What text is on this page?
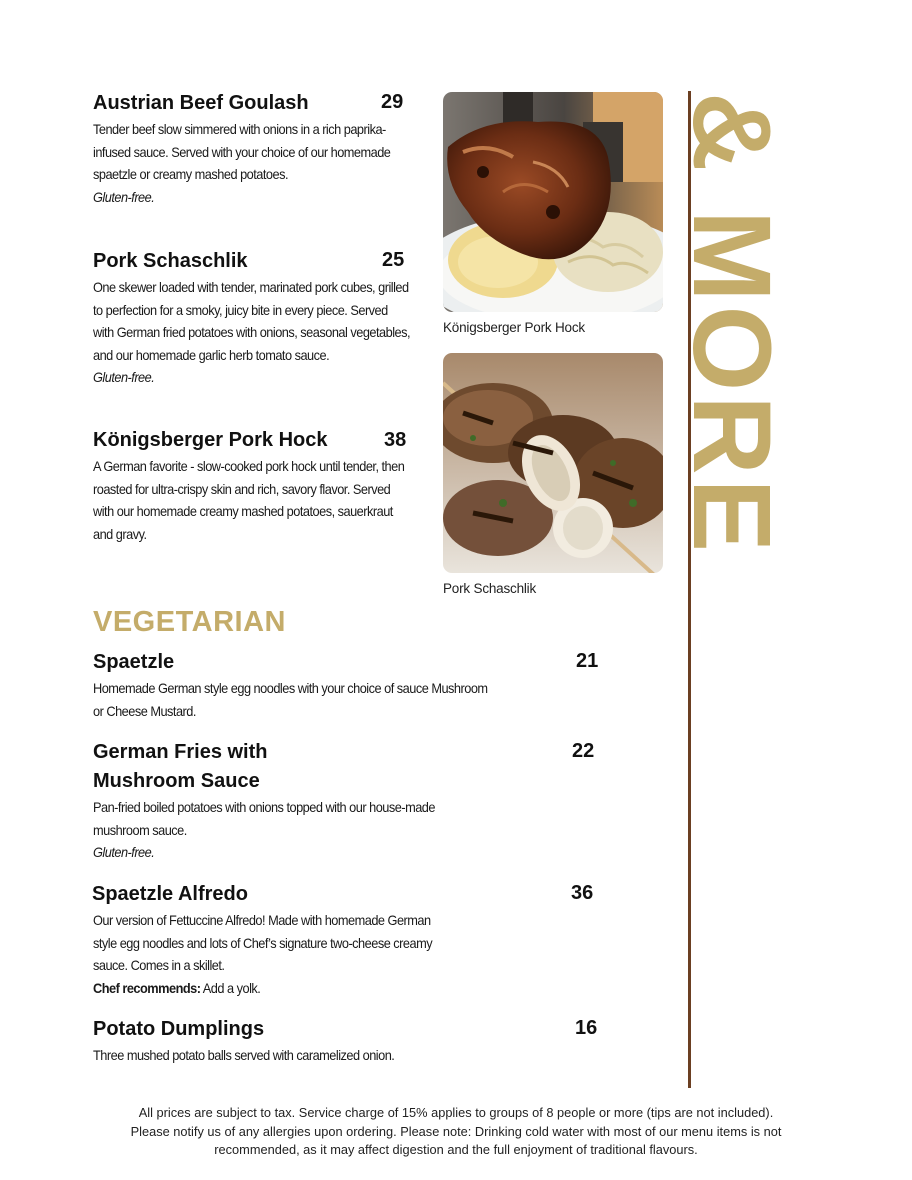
Austrian Beef Goulash	29
Tender beef slow simmered with onions in a rich paprika-infused sauce. Served with your choice of our homemade spaetzle or creamy mashed potatoes.
Gluten-free.
Pork Schaschlik	25
One skewer loaded with tender, marinated pork cubes, grilled to perfection for a smoky, juicy bite in every piece. Served with German fried potatoes with onions, seasonal vegetables, and our homemade garlic herb tomato sauce.
Gluten-free.
Königsberger Pork Hock	38
A German favorite - slow-cooked pork hock until tender, then roasted for ultra-crispy skin and rich, savory flavor. Served with our homemade creamy mashed potatoes, sauerkraut and gravy.
Königsberger Pork Hock
Pork Schaschlik
VEGETARIAN
Spaetzle	21
Homemade German style egg noodles with your choice of sauce Mushroom or Cheese Mustard.
German Fries with
Mushroom Sauce
22
Pan-fried boiled potatoes with onions topped with our house-made mushroom sauce.
Gluten-free.
Spaetzle Alfredo	36
Our version of Fettuccine Alfredo! Made with homemade German style egg noodles and lots of Chef’s signature two-cheese creamy sauce. Comes in a skillet.
Chef recommends: Add a yolk.
Potato Dumplings	16
Three mushed potato balls served with caramelized onion.
& MORE
All prices are subject to tax. Service charge of 15% applies to groups of 8 people or more (tips are not included).
Please notify us of any allergies upon ordering. Please note: Drinking cold water with most of our menu items is not
recommended, as it may affect digestion and the full enjoyment of traditional flavours.
